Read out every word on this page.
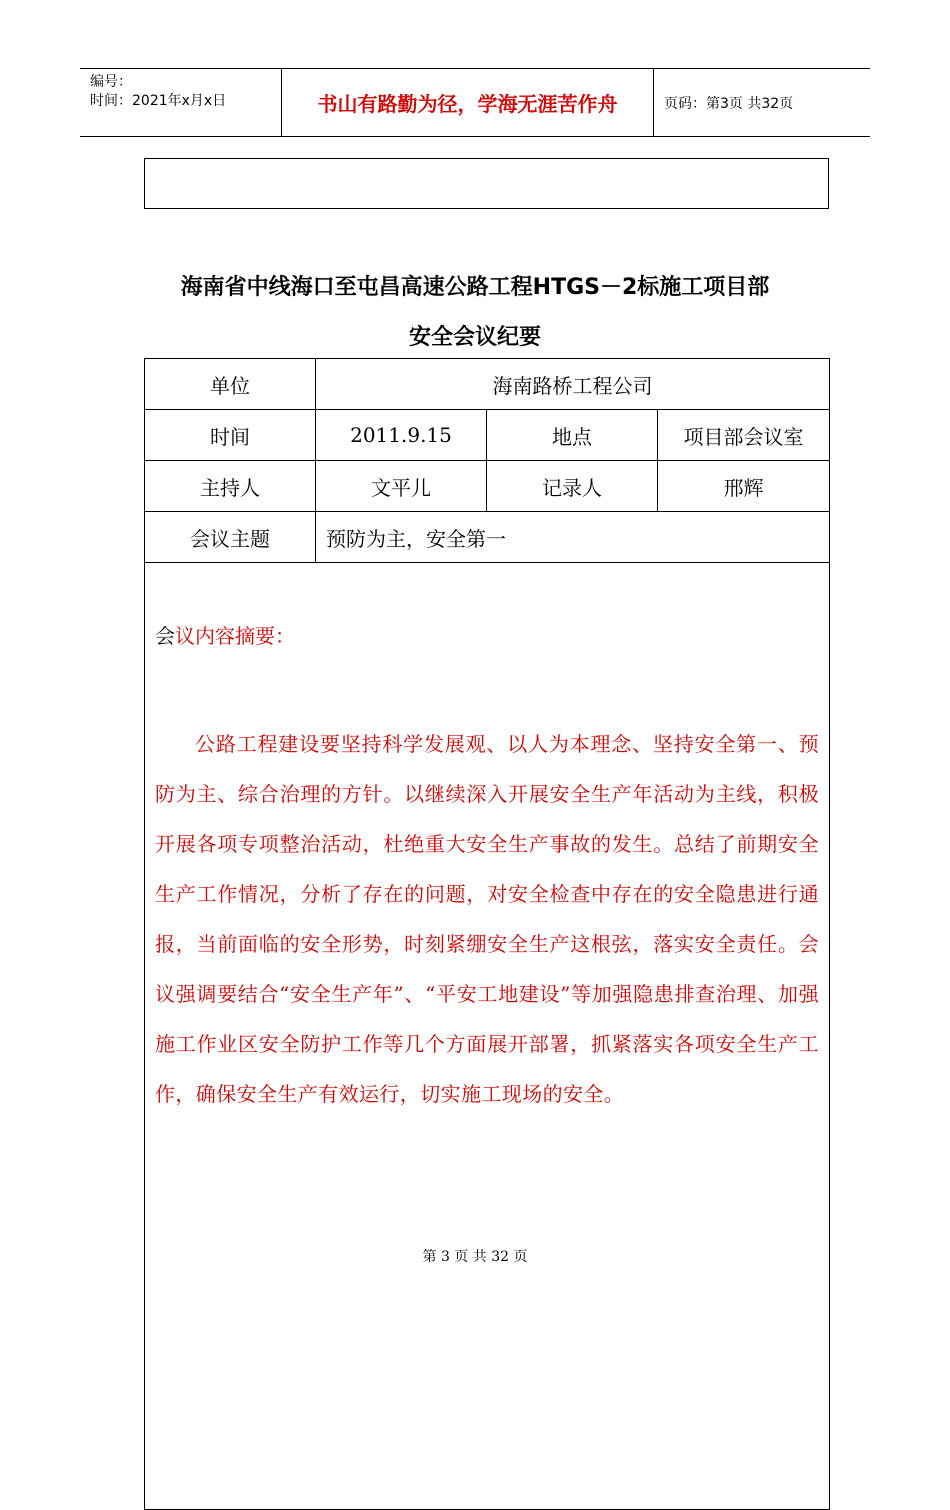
编号：
时间：2021年x月x日	书山有路勤为径，学海无涯苦作舟	页码：第3页 共32页
海南省中线海口至屯昌高速公路工程HTGS－2标施工项目部
安全会议纪要
单位	海南路桥工程公司		
时间	2011.9.15	地点	项目部会议室
主持人	文平儿	记录人	邢辉
会议主题	预防为主，安全第一		

会议内容摘要：
公路工程建设要坚持科学发展观、以人为本理念、坚持安全第一、预防为主、综合治理的方针。以继续深入开展安全生产年活动为主线，积极开展各项专项整治活动，杜绝重大安全生产事故的发生。总结了前期安全生产工作情况，分析了存在的问题，对安全检查中存在的安全隐患进行通报，当前面临的安全形势，时刻紧绷安全生产这根弦，落实安全责任。会议强调要结合“安全生产年”、“平安工地建设”等加强隐患排查治理、加强施工作业区安全防护工作等几个方面展开部署，抓紧落实各项安全生产工作，确保安全生产有效运行，切实施工现场的安全。			
第 3 页 共 32 页
